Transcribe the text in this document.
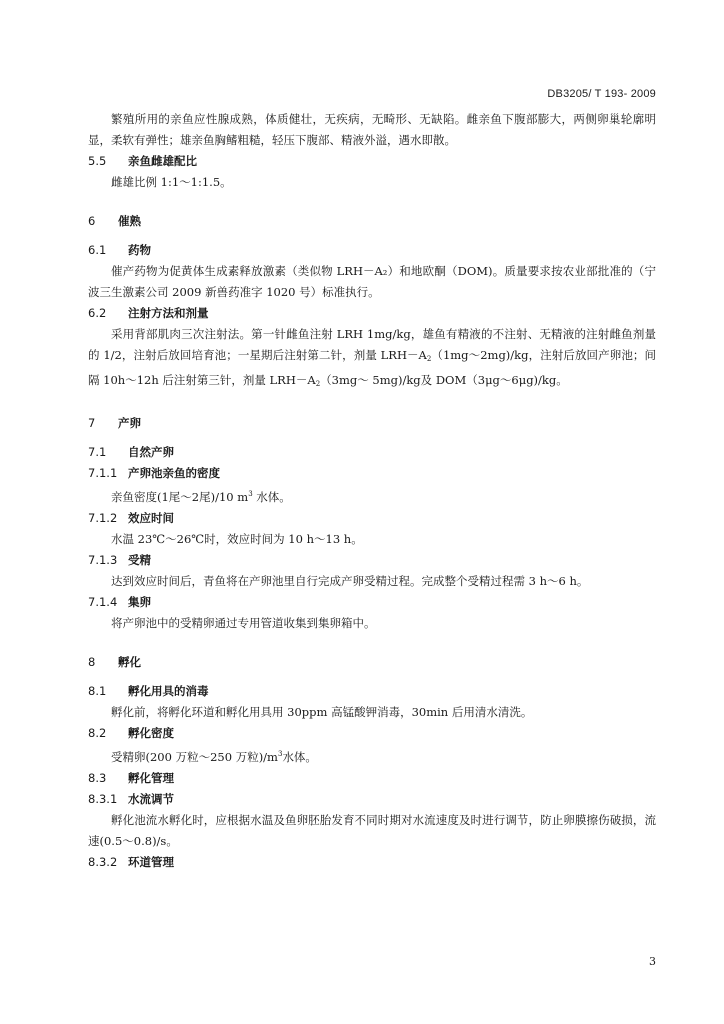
DB3205/ T 193- 2009

繁殖所用的亲鱼应性腺成熟，体质健壮，无疾病，无畸形、无缺陷。雌亲鱼下腹部膨大，两侧卵巢轮廓明显，柔软有弹性；雄亲鱼胸鳍粗糙，轻压下腹部、精液外溢，遇水即散。

5.5	亲鱼雌雄配比

雌雄比例 1:1～1:1.5。

6	催熟
6.1	药物

催产药物为促黄体生成素释放激素（类似物 LRH－A₂）和地欧酮（DOM)。质量要求按农业部批准的（宁波三生激素公司 2009 新兽药准字 1020 号）标准执行。

6.2	注射方法和剂量

采用背部肌肉三次注射法。第一针雌鱼注射 LRH 1mg/kg，雄鱼有精液的不注射、无精液的注射雌鱼剂量的 1/2，注射后放回培育池；一星期后注射第二针，剂量 $LRH-A_2(1mg\sim 2mg)/kg$，注射后放回产卵池；间隔 10h～12h 后注射第三针，剂量 $LRH-A_2(3mg\sim$ 5mg)/kg及 DOM（3μg～6μg)/kg。

7	产卵
7.1	自然产卵
7.1.1 产卵池亲鱼的密度

亲鱼密度(1尾～2尾)/10 $m^3$ 水体。

7.1.2 效应时间

水温 23℃～26℃时，效应时间为 10 h～13 h。

7.1.3 受精

达到效应时间后，青鱼将在产卵池里自行完成产卵受精过程。完成整个受精过程需 3 h～6 h。

7.1.4 集卵

将产卵池中的受精卵通过专用管道收集到集卵箱中。

8	孵化
8.1	孵化用具的消毒

孵化前，将孵化环道和孵化用具用 30ppm 高锰酸钾消毒，30min 后用清水清洗。

8.2	孵化密度

受精卵(200 万粒～250 万粒)$/m^3$水体。

8.3	孵化管理
8.3.1 水流调节

孵化池流水孵化时，应根据水温及鱼卵胚胎发育不同时期对水流速度及时进行调节，防止卵膜擦伤破损，流速(0.5～0.8)/s。

8.3.2 环道管理
3
